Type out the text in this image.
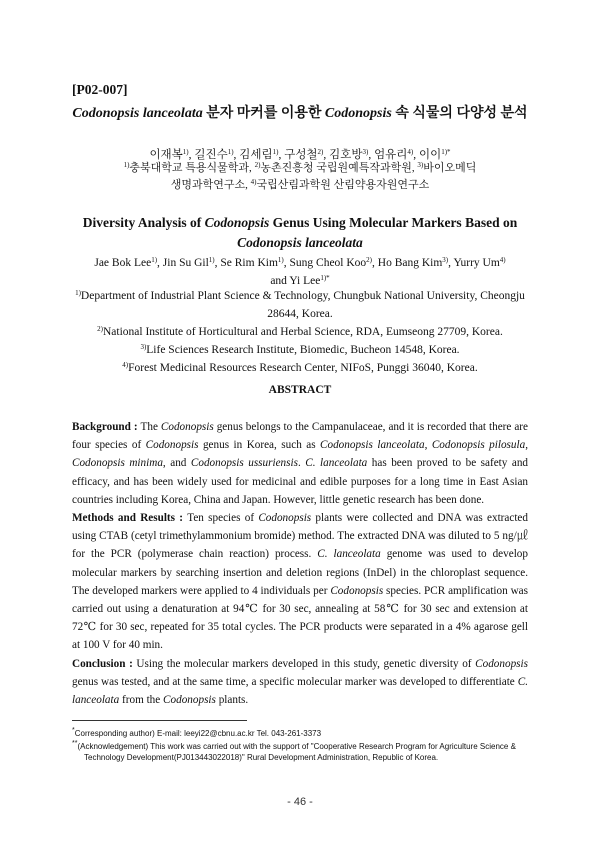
[P02-007]
Codonopsis lanceolata 분자 마커를 이용한 Codonopsis 속 식물의 다양성 분석
이재복$^{1)}$, 길진수$^{1)}$, 김세림$^{1)}$, 구성철$^{2)}$, 김호방$^{3)}$, 엄유리$^{4)}$, 이이$^{1)*}$
$^{1)}$충북대학교 특용식물학과, $^{2)}$농촌진흥청 국립원예특작과학원, $^{3)}$바이오메딕
생명과학연구소, $^{4)}$국립산림과학원 산림약용자원연구소
Diversity Analysis of Codonopsis Genus Using Molecular Markers Based on
Codonopsis lanceolata
Jae Bok Lee$^{1)}$, Jin Su Gil$^{1)}$, Se Rim Kim$^{1)}$, Sung Cheol Koo$^{2)}$, Ho Bang Kim$^{3)}$, Yurry Um$^{4)}$
and Yi Lee$^{1)*}$
$^{1)}$Department of Industrial Plant Science & Technology, Chungbuk National University, Cheongju 28644, Korea.
$^{2)}$National Institute of Horticultural and Herbal Science, RDA, Eumseong 27709, Korea.
$^{3)}$Life Sciences Research Institute, Biomedic, Bucheon 14548, Korea.
$^{4)}$Forest Medicinal Resources Research Center, NIFoS, Punggi 36040, Korea.
ABSTRACT

Background : The Codonopsis genus belongs to the Campanulaceae, and it is recorded that there are four species of Codonopsis genus in Korea, such as Codonopsis lanceolata, Codonopsis pilosula, Codonopsis minima, and Codonopsis ussuriensis. C. lanceolata has been proved to be safety and efficacy, and has been widely used for medicinal and edible purposes for a long time in East Asian countries including Korea, China and Japan. However, little genetic research has been done.

Methods and Results : Ten species of Codonopsis plants were collected and DNA was extracted using CTAB (cetyl trimethylammonium bromide) method. The extracted DNA was diluted to 5 ng/㎕ for the PCR (polymerase chain reaction) process. C. lanceolata genome was used to develop molecular markers by searching insertion and deletion regions (InDel) in the chloroplast sequence. The developed markers were applied to 4 individuals per Codonopsis species. PCR amplification was carried out using a denaturation at 94℃ for 30 sec, annealing at 58℃ for 30 sec and extension at 72℃ for 30 sec, repeated for 35 total cycles. The PCR products were separated in a 4% agarose gell at 100 V for 40 min.

Conclusion : Using the molecular markers developed in this study, genetic diversity of Codonopsis genus was tested, and at the same time, a specific molecular marker was developed to differentiate C. lanceolata from the Codonopsis plants.

*Corresponding author) E-mail: leeyi22@cbnu.ac.kr Tel. 043-261-3373
**(Acknowledgement) This work was carried out with the support of "Cooperative Research Program for Agriculture Science & Technology Development(PJ013443022018)" Rural Development Administration, Republic of Korea.
- 46 -
